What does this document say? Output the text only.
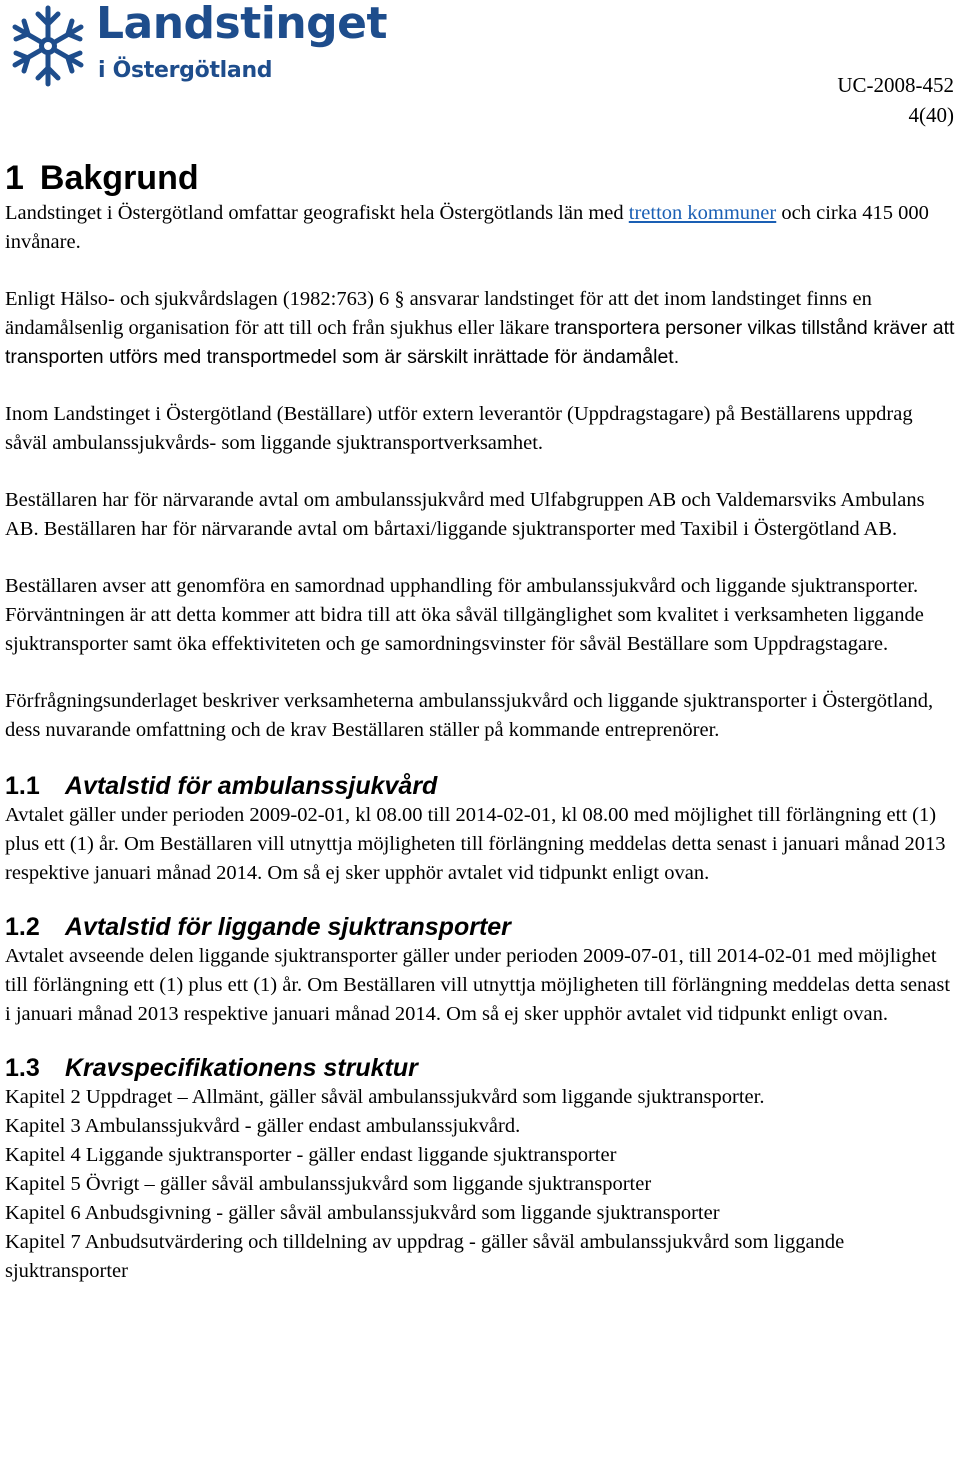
Landstinget
i Östergötland
UC-2008-452
4(40)
1 Bakgrund

Landstinget i Östergötland omfattar geografiskt hela Östergötlands län med tretton kommuner och cirka 415 000 invånare.

Enligt Hälso- och sjukvårdslagen (1982:763) 6 § ansvarar landstinget för att det inom landstinget finns en ändamålsenlig organisation för att till och från sjukhus eller läkare transportera personer vilkas tillstånd kräver att transporten utförs med transportmedel som är särskilt inrättade för ändamålet.

Inom Landstinget i Östergötland (Beställare) utför extern leverantör (Uppdragstagare) på Beställarens uppdrag såväl ambulanssjukvårds- som liggande sjuktransportverksamhet.

Beställaren har för närvarande avtal om ambulanssjukvård med Ulfabgruppen AB och Valdemarsviks Ambulans AB. Beställaren har för närvarande avtal om bårtaxi/liggande sjuktransporter med Taxibil i Östergötland AB.

Beställaren avser att genomföra en samordnad upphandling för ambulanssjukvård och liggande sjuktransporter. Förväntningen är att detta kommer att bidra till att öka såväl tillgänglighet som kvalitet i verksamheten liggande sjuktransporter samt öka effektiviteten och ge samordningsvinster för såväl Beställare som Uppdragstagare.

Förfrågningsunderlaget beskriver verksamheterna ambulanssjukvård och liggande sjuktransporter i Östergötland, dess nuvarande omfattning och de krav Beställaren ställer på kommande entreprenörer.

1.1 Avtalstid för ambulanssjukvård

Avtalet gäller under perioden 2009-02-01, kl 08.00 till 2014-02-01, kl 08.00 med möjlighet till förlängning ett (1) plus ett (1) år. Om Beställaren vill utnyttja möjligheten till förlängning meddelas detta senast i januari månad 2013 respektive januari månad 2014. Om så ej sker upphör avtalet vid tidpunkt enligt ovan.

1.2 Avtalstid för liggande sjuktransporter

Avtalet avseende delen liggande sjuktransporter gäller under perioden 2009-07-01, till 2014-02-01 med möjlighet till förlängning ett (1) plus ett (1) år. Om Beställaren vill utnyttja möjligheten till förlängning meddelas detta senast i januari månad 2013 respektive januari månad 2014. Om så ej sker upphör avtalet vid tidpunkt enligt ovan.

1.3 Kravspecifikationens struktur

Kapitel 2 Uppdraget – Allmänt, gäller såväl ambulanssjukvård som liggande sjuktransporter.
Kapitel 3 Ambulanssjukvård - gäller endast ambulanssjukvård.
Kapitel 4 Liggande sjuktransporter - gäller endast liggande sjuktransporter
Kapitel 5 Övrigt – gäller såväl ambulanssjukvård som liggande sjuktransporter
Kapitel 6 Anbudsgivning - gäller såväl ambulanssjukvård som liggande sjuktransporter
Kapitel 7 Anbudsutvärdering och tilldelning av uppdrag - gäller såväl ambulanssjukvård som liggande sjuktransporter
